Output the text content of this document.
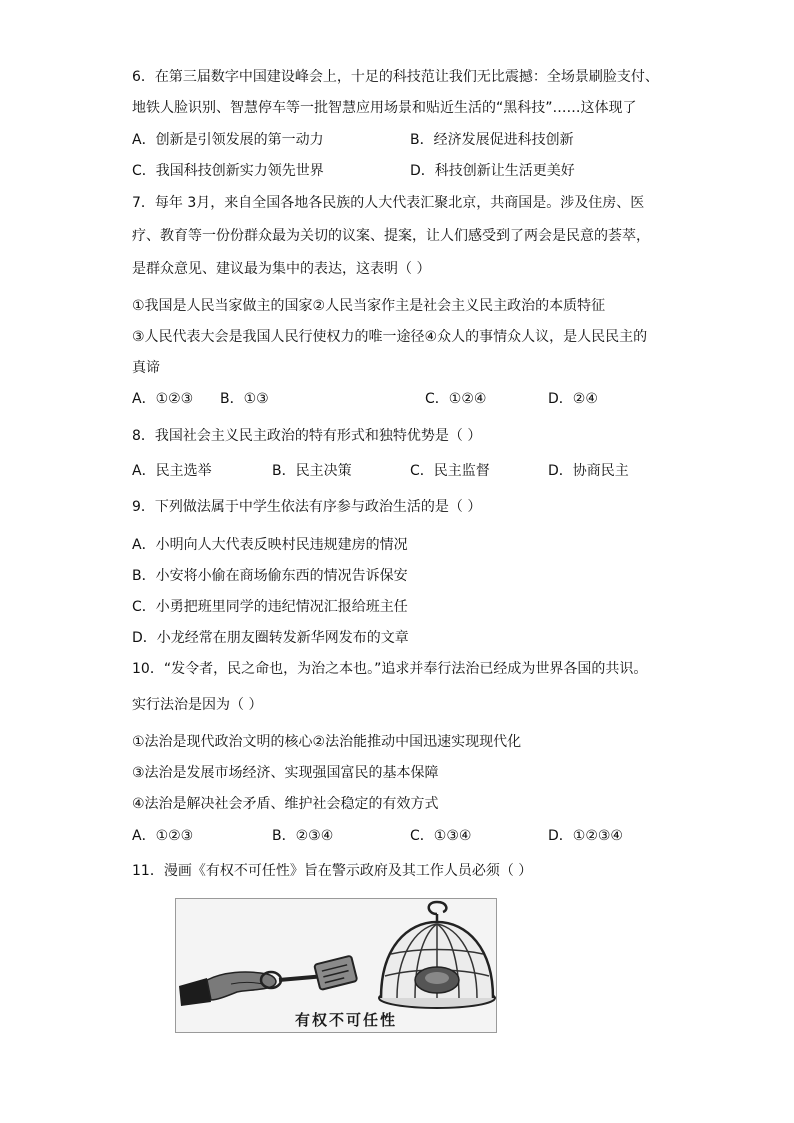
6．在第三届数字中国建设峰会上，十足的科技范让我们无比震撼：全场景刷脸支付、
地铁人脸识别、智慧停车等一批智慧应用场景和贴近生活的“黑科技”……这体现了
A．创新是引领发展的第一动力	B．经济发展促进科技创新
C．我国科技创新实力领先世界	D．科技创新让生活更美好
7．每年 3月，来自全国各地各民族的人大代表汇聚北京，共商国是。涉及住房、医
疗、教育等一份份群众最为关切的议案、提案，让人们感受到了两会是民意的荟萃，
是群众意见、建议最为集中的表达，这表明（ ）
①我国是人民当家做主的国家②人民当家作主是社会主义民主政治的本质特征
③人民代表大会是我国人民行使权力的唯一途径④众人的事情众人议，是人民民主的
真谛
A．①②③ B．①③	C．①②④	D．②④
8．我国社会主义民主政治的特有形式和独特优势是（ ）
A．民主选举	B．民主决策	C．民主监督	D．协商民主
9．下列做法属于中学生依法有序参与政治生活的是（ ）
A．小明向人大代表反映村民违规建房的情况
B．小安将小偷在商场偷东西的情况告诉保安
C．小勇把班里同学的违纪情况汇报给班主任
D．小龙经常在朋友圈转发新华网发布的文章
10．“发令者，民之命也，为治之本也。”追求并奉行法治已经成为世界各国的共识。
实行法治是因为（ ）
①法治是现代政治文明的核心②法治能推动中国迅速实现现代化
③法治是发展市场经济、实现强国富民的基本保障
④法治是解决社会矛盾、维护社会稳定的有效方式
A．①②③	B．②③④	C．①③④	D．①②③④
11．漫画《有权不可任性》旨在警示政府及其工作人员必须（ ）
有权不可任性
